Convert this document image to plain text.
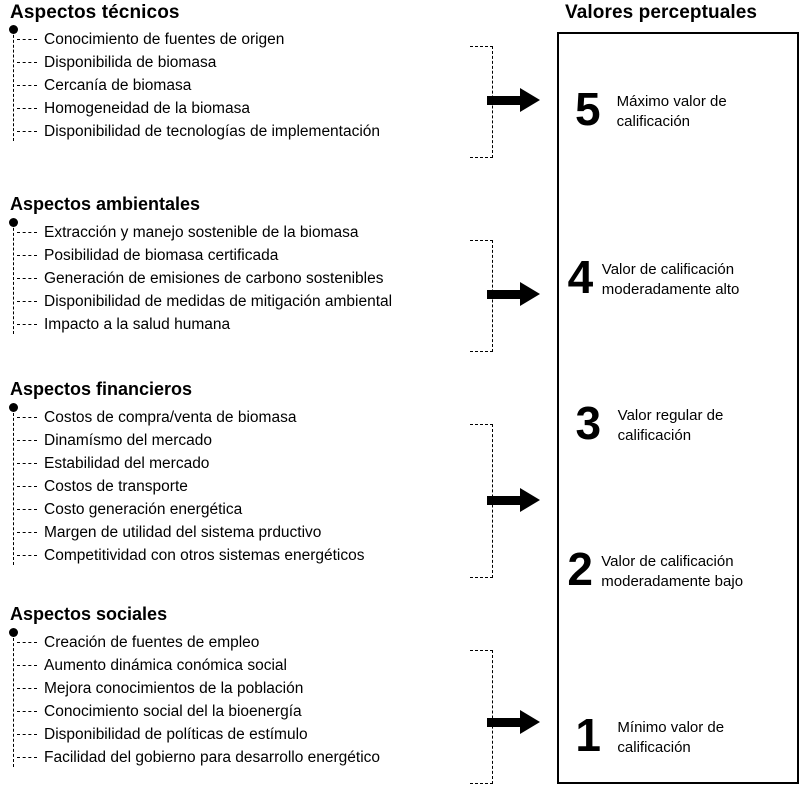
Aspectos técnicos	Valores perceptuales
Conocimiento de fuentes de origen
Disponibilida de biomasa
Cercanía de biomasa
Homogeneidad de la biomasa
Disponibilidad de tecnologías de implementación
Aspectos ambientales
Extracción y manejo sostenible de la biomasa
Posibilidad de biomasa certificada
Generación de emisiones de carbono sostenibles
Disponibilidad de medidas de mitigación ambiental
Impacto a la salud humana
Aspectos financieros
Costos de compra/venta de biomasa
Dinamísmo del mercado
Estabilidad del mercado
Costos de transporte
Costo generación energética
Margen de utilidad del sistema prductivo
Competitividad con otros sistemas energéticos
Aspectos sociales
Creación de fuentes de empleo
Aumento dinámica conómica social
Mejora conocimientos de la población
Conocimiento social del la bioenergía
Disponibilidad de políticas de estímulo
Facilidad del gobierno para desarrollo energético
5	Máximo valor de calificación
4 Valor de calificación moderadamente alto
3	Valor regular de calificación
2 Valor de calificación moderadamente bajo
1	Mínimo valor de calificación
